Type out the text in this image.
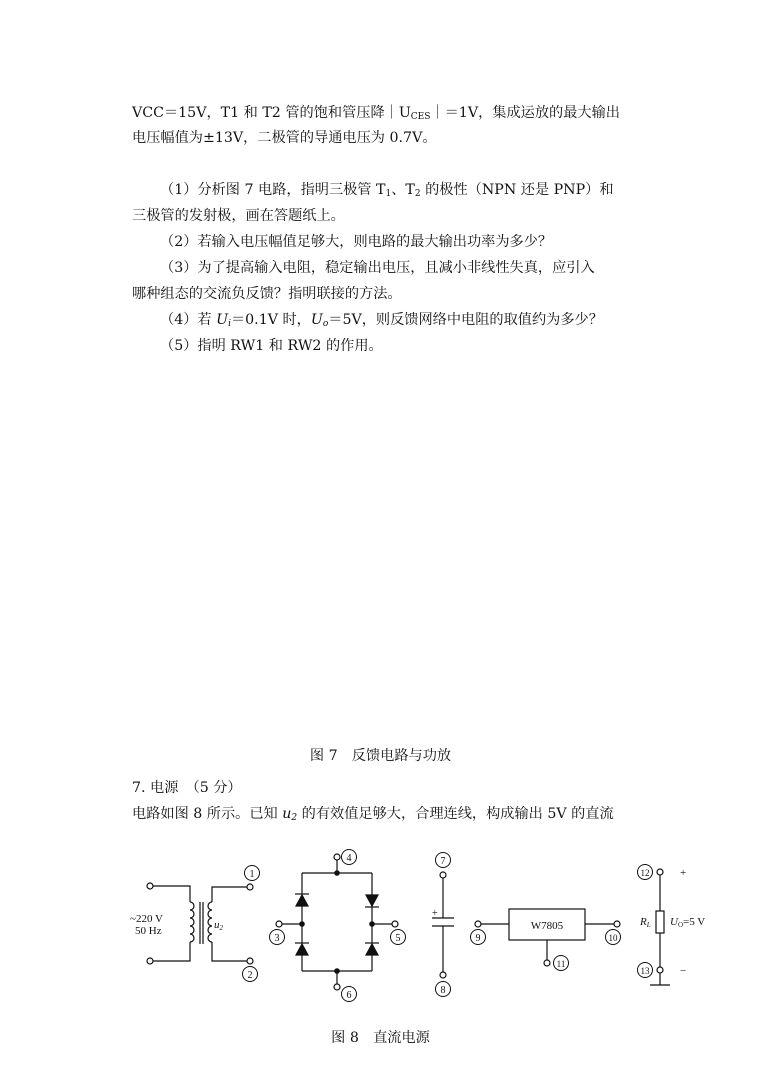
VCC＝15V，T1 和 T2 管的饱和管压降$|U_{CES}|=1V$，集成运放的最大输出
电压幅值为±13V，二极管的导通电压为 0.7V。
（1）分析图 7 电路，指明三极管 $T_1$、$T_2$ 的极性（NPN 还是 PNP）和
三极管的发射极，画在答题纸上。
（2）若输入电压幅值足够大，则电路的最大输出功率为多少？
（3）为了提高输入电阻，稳定输出电压，且减小非线性失真，应引入
哪种组态的交流负反馈？指明联接的方法。
（4）若 $U_i=0.1V$ 时，$U_o=5V$，则反馈网络中电阻的取值约为多少？
（5）指明 RW1 和 RW2 的作用。
图 7　反馈电路与功放
7. 电源　（5 分）
电路如图 8 所示。已知 $u_2$ 的有效值足够大，合理连线，构成输出 5V 的直流
1
2
3
4
5
6
7
8
9	10
11
12
13
~220 V
50 Hz	u2
+
W7805	RL UO=5 V
+
−
图 8　直流电源
